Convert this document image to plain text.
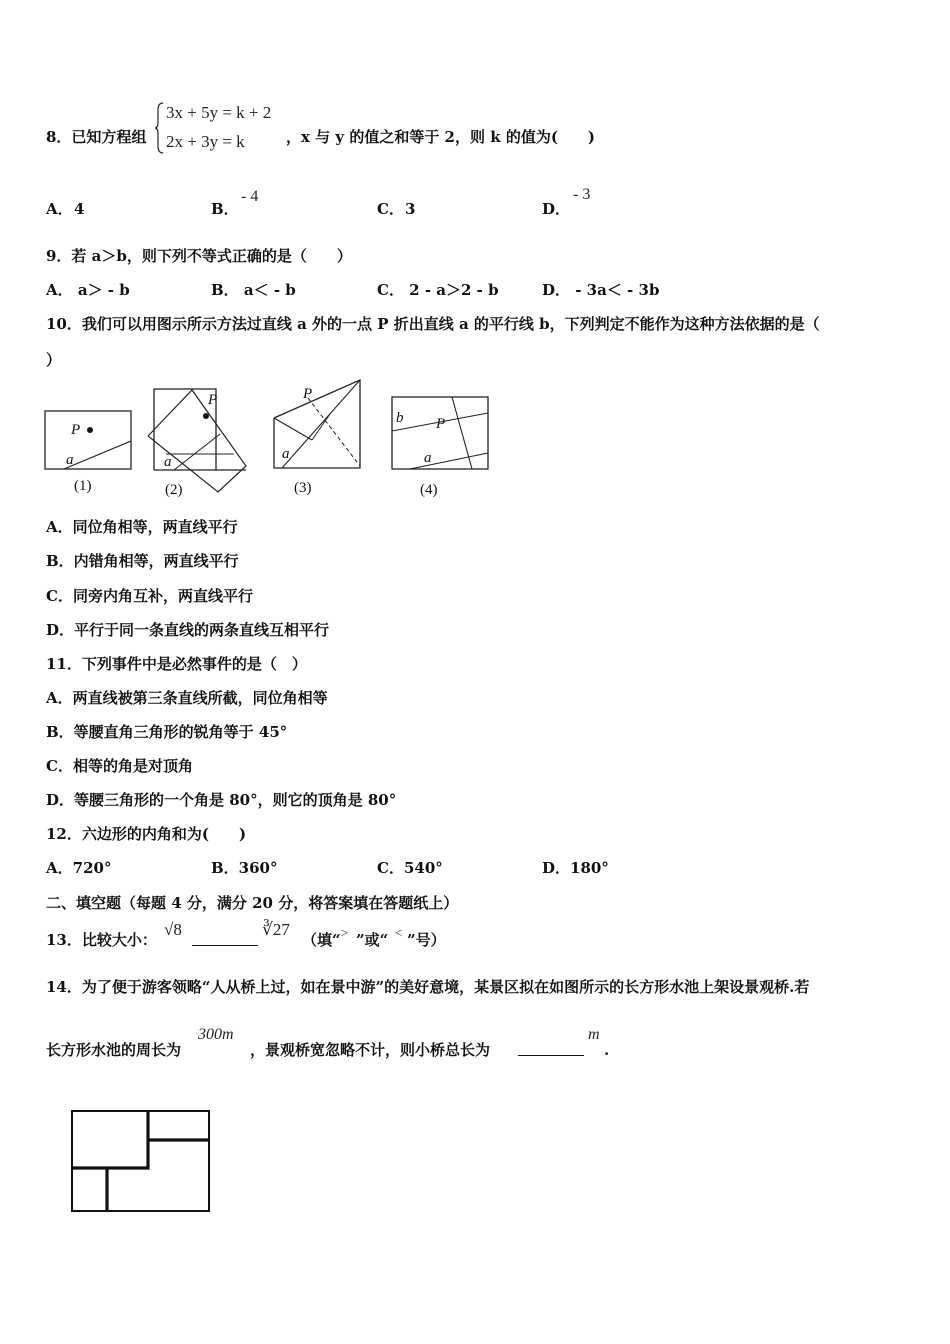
8．已知方程组
3x + 5y = k + 2
2x + 3y = k	，x 与 y 的值之和等于 2，则 k 的值为(　　)
A． 4	B．
- 4
C． 3	D．
- 3
9．若 a＞b，则下列不等式正确的是（　　）
A． a＞ - b	B． a＜ - b	C． 2 - a＞2 - b	D． - 3a＜ - 3b
10．我们可以用图示所示方法过直线 a 外的一点 P 折出直线 a 的平行线 b，下列判定不能作为这种方法依据的是（
）
P
a
(1)
P
a
(2)
P
a
(3)
b P
a
(4)
A．同位角相等，两直线平行
B．内错角相等，两直线平行
C．同旁内角互补，两直线平行
D．平行于同一条直线的两条直线互相平行
11．下列事件中是必然事件的是（　）
A．两直线被第三条直线所截，同位角相等
B．等腰直角三角形的锐角等于 45°
C．相等的角是对顶角
D．等腰三角形的一个角是 80°，则它的顶角是 80°
12．六边形的内角和为(　　)
A．720°	B．360°	C．540°	D．180°
二、填空题（每题 4 分，满分 20 分，将答案填在答题纸上）
13．比较大小：
√8	∛27
（填“ > ”或“ < ”号）
14．为了便于游客领略“人从桥上过，如在景中游”的美好意境，某景区拟在如图所示的长方形水池上架设景观桥.若
长方形水池的周长为
300m
，景观桥宽忽略不计，则小桥总长为
m
.
